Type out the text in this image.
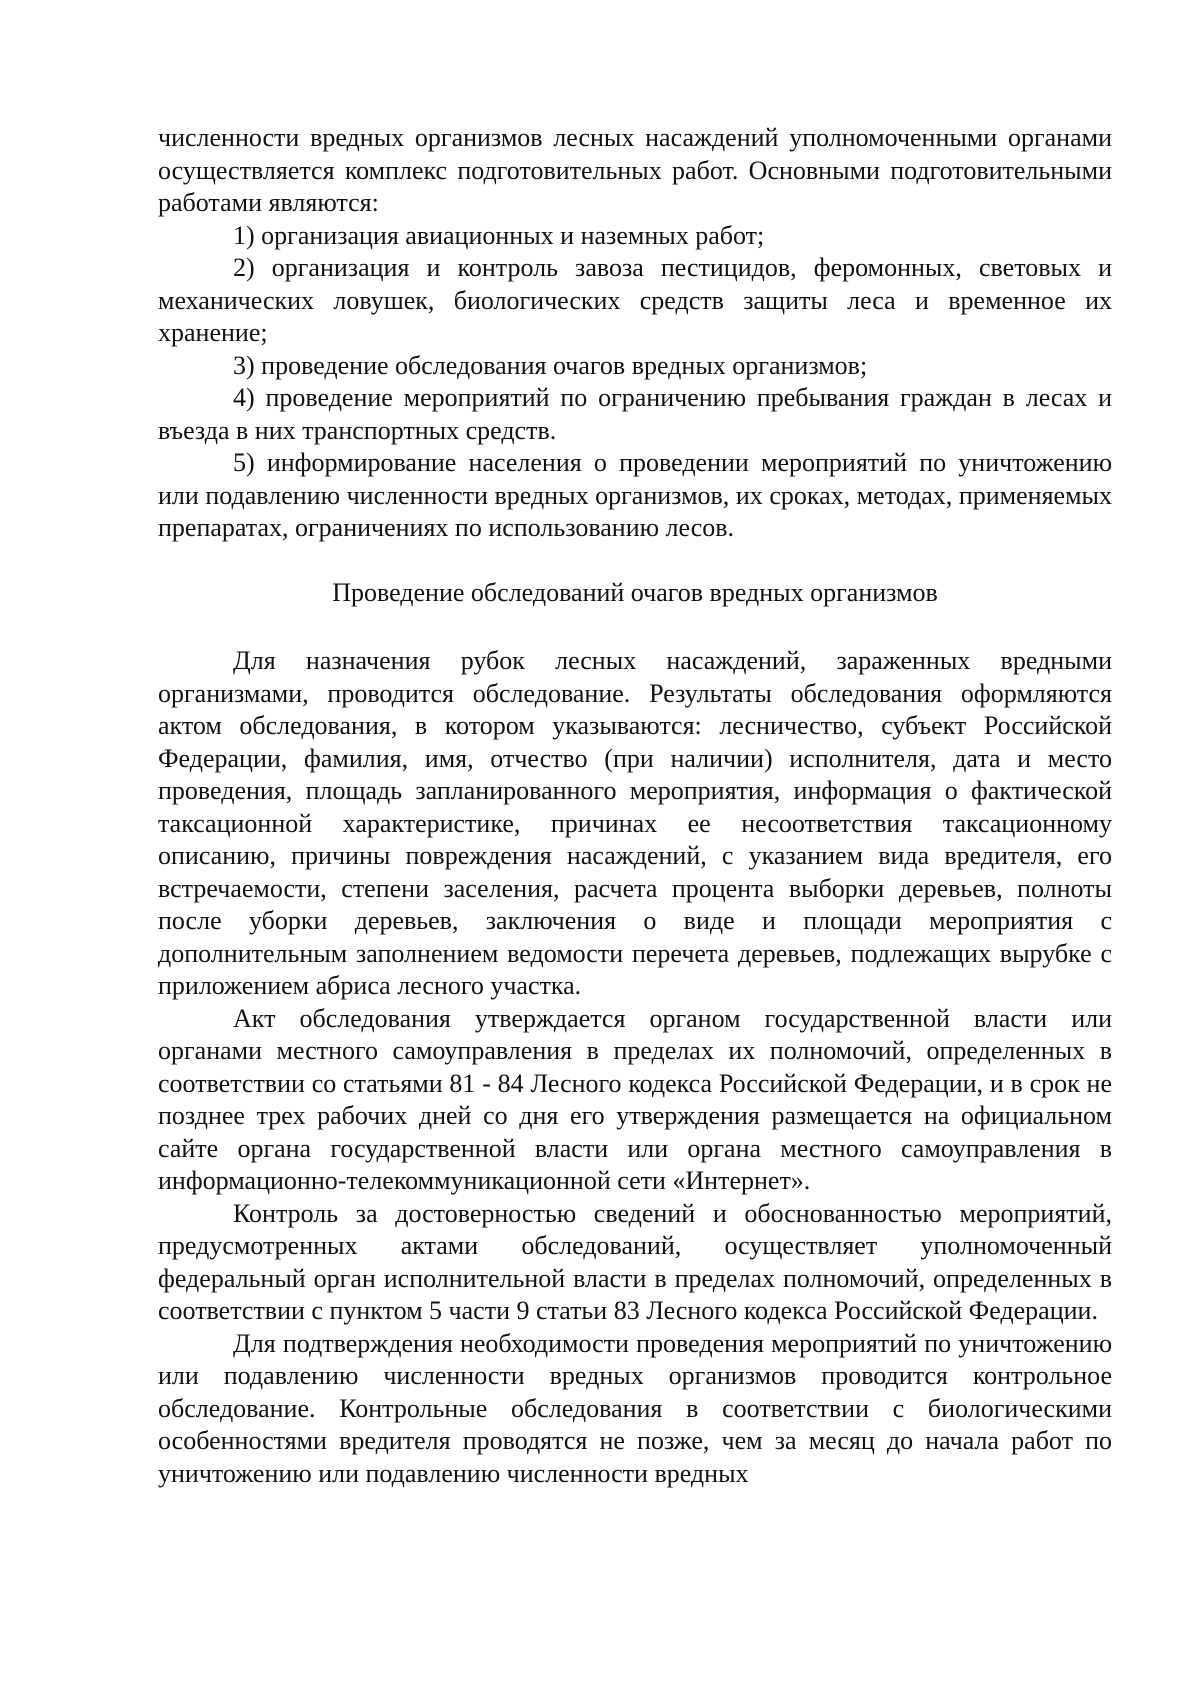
численности вредных организмов лесных насаждений уполномоченными органами осуществляется комплекс подготовительных работ. Основными подготовительными работами являются:

1) организация авиационных и наземных работ;

2) организация и контроль завоза пестицидов, феромонных, световых и механических ловушек, биологических средств защиты леса и временное их хранение;

3) проведение обследования очагов вредных организмов;

4) проведение мероприятий по ограничению пребывания граждан в лесах и въезда в них транспортных средств.

5) информирование населения о проведении мероприятий по уничтожению или подавлению численности вредных организмов, их сроках, методах, применяемых препаратах, ограничениях по использованию лесов.

Проведение обследований очагов вредных организмов

Для назначения рубок лесных насаждений, зараженных вредными организмами, проводится обследование. Результаты обследования оформляются актом обследования, в котором указываются: лесничество, субъект Российской Федерации, фамилия, имя, отчество (при наличии) исполнителя, дата и место проведения, площадь запланированного мероприятия, информация о фактической таксационной характеристике, причинах ее несоответствия таксационному описанию, причины повреждения насаждений, с указанием вида вредителя, его встречаемости, степени заселения, расчета процента выборки деревьев, полноты после уборки деревьев, заключения о виде и площади мероприятия с дополнительным заполнением ведомости перечета деревьев, подлежащих вырубке с приложением абриса лесного участка.

Акт обследования утверждается органом государственной власти или органами местного самоуправления в пределах их полномочий, определенных в соответствии со статьями 81 - 84 Лесного кодекса Российской Федерации, и в срок не позднее трех рабочих дней со дня его утверждения размещается на официальном сайте органа государственной власти или органа местного самоуправления в информационно-телекоммуникационной сети «Интернет».

Контроль за достоверностью сведений и обоснованностью мероприятий, предусмотренных актами обследований, осуществляет уполномоченный федеральный орган исполнительной власти в пределах полномочий, определенных в соответствии с пунктом 5 части 9 статьи 83 Лесного кодекса Российской Федерации.

Для подтверждения необходимости проведения мероприятий по уничтожению или подавлению численности вредных организмов проводится контрольное обследование. Контрольные обследования в соответствии с биологическими особенностями вредителя проводятся не позже, чем за месяц до начала работ по уничтожению или подавлению численности вредных
